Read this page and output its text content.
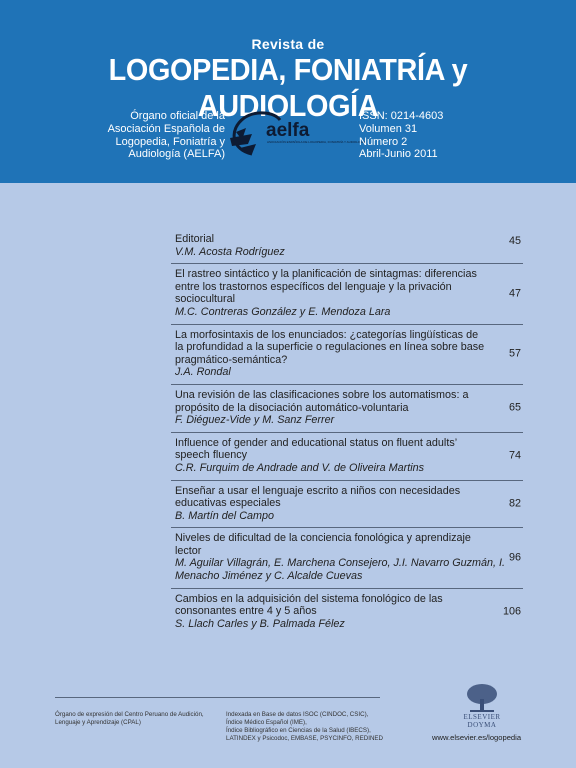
Revista de
LOGOPEDIA, FONIATRÍA y AUDIOLOGÍA
Órgano oficial de la
Asociación Española de
Logopedia, Foniatría y
Audiología (AELFA)
aelfa
ASOCIACIÓN ESPAÑOLA DE LOGOPEDIA, FONIATRÍA Y AUDIOLOGÍA
ISSN: 0214-4603
Volumen 31
Número 2
Abril-Junio 2011
Editorial
V.M. Acosta Rodríguez
45
El rastreo sintáctico y la planificación de sintagmas: diferencias entre los trastornos específicos del lenguaje y la privación sociocultural
M.C. Contreras González y E. Mendoza Lara
47
La morfosintaxis de los enunciados: ¿categorías lingüísticas de la profundidad a la superficie o regulaciones en línea sobre base pragmático-semántica?
J.A. Rondal
57
Una revisión de las clasificaciones sobre los automatismos: a propósito de la disociación automático-voluntaria
F. Diéguez-Vide y M. Sanz Ferrer
65
Influence of gender and educational status on fluent adults’ speech fluency
C.R. Furquim de Andrade and V. de Oliveira Martins
74
Enseñar a usar el lenguaje escrito a niños con necesidades educativas especiales
B. Martín del Campo
82
Niveles de dificultad de la conciencia fonológica y aprendizaje lector
M. Aguilar Villagrán, E. Marchena Consejero, J.I. Navarro Guzmán, I. Menacho Jiménez y C. Alcalde Cuevas
96
Cambios en la adquisición del sistema fonológico de las consonantes entre 4 y 5 años
S. Llach Carles y B. Palmada Félez
106
Órgano de expresión del Centro Peruano de Audición, Lenguaje y Aprendizaje (CPAL)
Indexada en Base de datos ISOC (CINDOC, CSIC),
Índice Médico Español (IME),
Índice Bibliográfico en Ciencias de la Salud (IBECS),
LATINDEX y Psicodoc, EMBASE, PSYCINFO, REDINED
ELSEVIER
DOYMA
www.elsevier.es/logopedia
